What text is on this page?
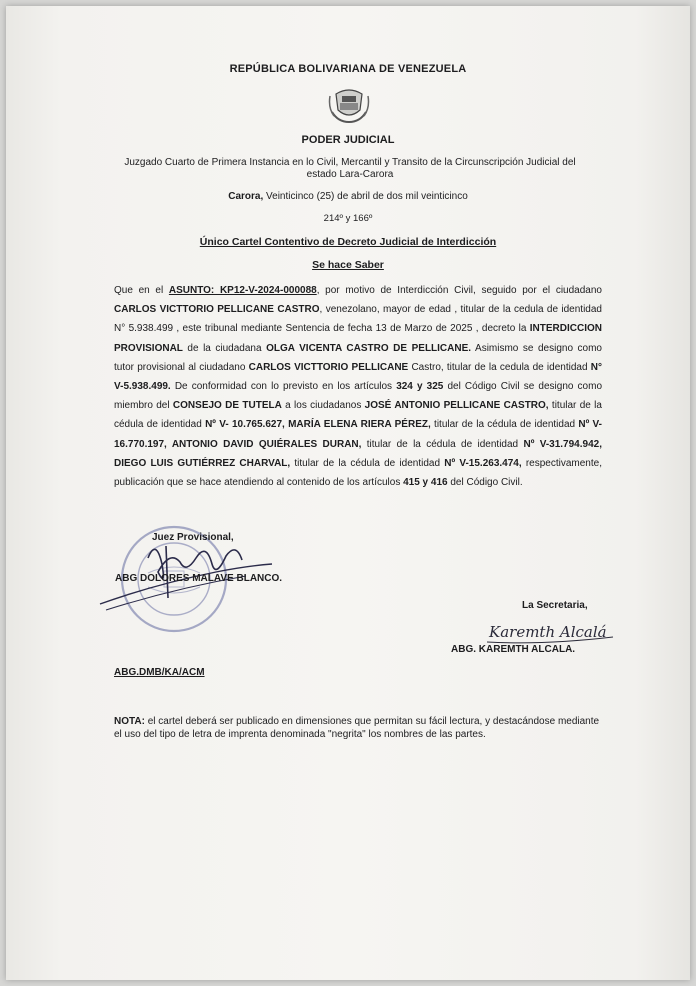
REPÚBLICA BOLIVARIANA DE VENEZUELA
PODER JUDICIAL
Juzgado Cuarto de Primera Instancia en lo Civil, Mercantil y Transito de la Circunscripción Judicial del estado Lara-Carora
Carora, Veinticinco (25) de abril de dos mil veinticinco
214º y 166º
Único Cartel Contentivo de Decreto Judicial de Interdicción
Se hace Saber
Que en el ASUNTO: KP12-V-2024-000088, por motivo de Interdicción Civil, seguido por el ciudadano CARLOS VICTTORIO PELLICANE CASTRO, venezolano, mayor de edad , titular de la cedula de identidad N° 5.938.499 , este tribunal mediante Sentencia de fecha 13 de Marzo de 2025 , decreto la INTERDICCION PROVISIONAL de la ciudadana OLGA VICENTA CASTRO DE PELLICANE. Asimismo se designo como tutor provisional al ciudadano CARLOS VICTTORIO PELLICANE Castro, titular de la cedula de identidad N° V-5.938.499. De conformidad con lo previsto en los artículos 324 y 325 del Código Civil se designo como miembro del CONSEJO DE TUTELA a los ciudadanos JOSÉ ANTONIO PELLICANE CASTRO, titular de la cédula de identidad Nº V- 10.765.627, MARÍA ELENA RIERA PÉREZ, titular de la cédula de identidad Nº V-16.770.197, ANTONIO DAVID QUIÉRALES DURAN, titular de la cédula de identidad Nº V-31.794.942, DIEGO LUIS GUTIÉRREZ CHARVAL, titular de la cédula de identidad Nº V-15.263.474, respectivamente, publicación que se hace atendiendo al contenido de los artículos 415 y 416 del Código Civil.
Juez Provisional,
ABG DOLORES MALAVE BLANCO.
La Secretaria,
Karemth Alcalá
ABG. KAREMTH ALCALA.
ABG.DMB/KA/ACM
NOTA: el cartel deberá ser publicado en dimensiones que permitan su fácil lectura, y destacándose mediante el uso del tipo de letra de imprenta denominada "negrita" los nombres de las partes.
